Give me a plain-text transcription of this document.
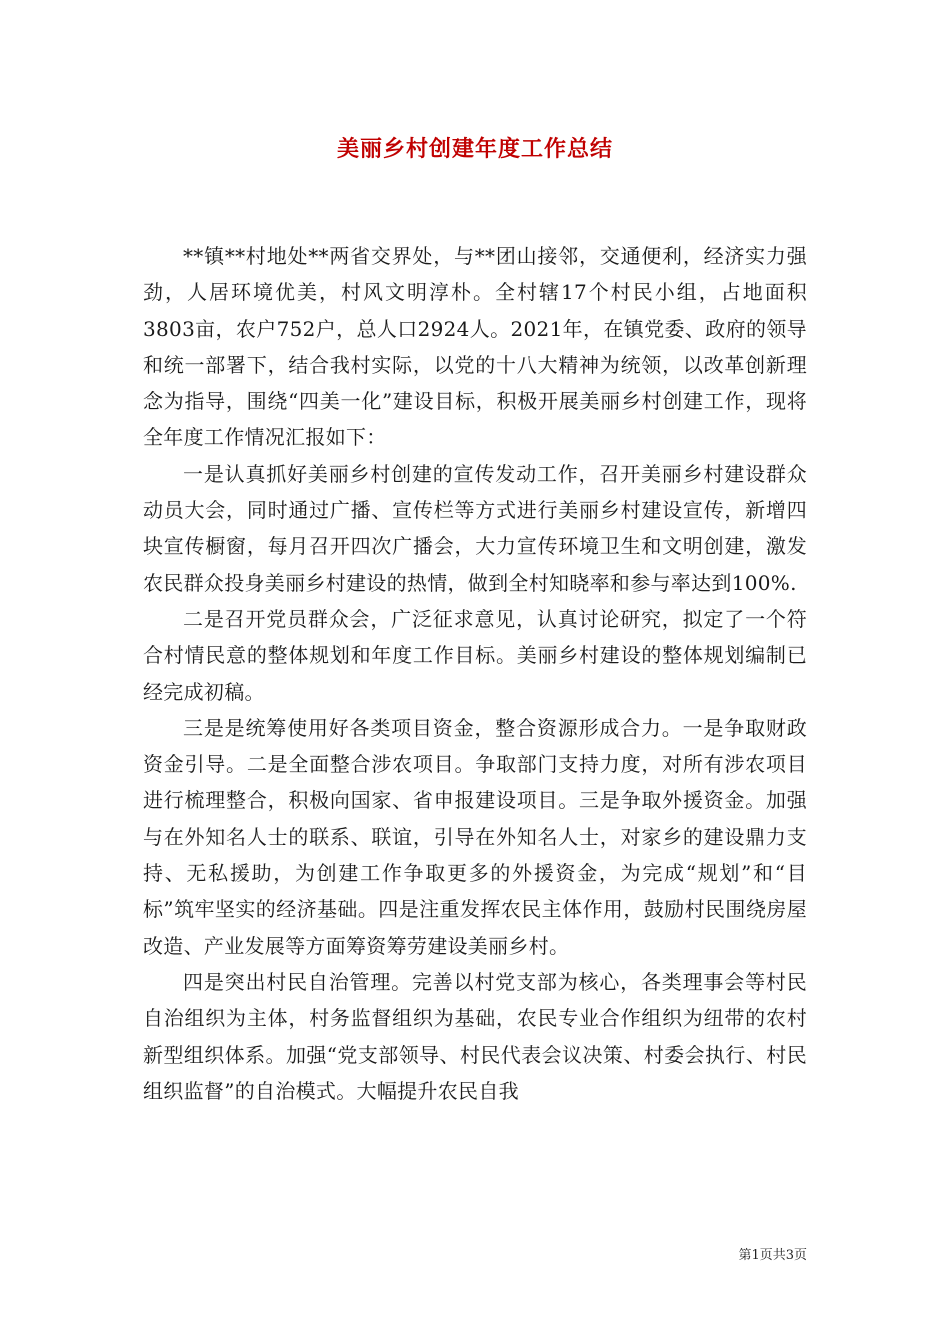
美丽乡村创建年度工作总结

**镇**村地处**两省交界处，与**团山接邻，交通便利，经济实力强劲，人居环境优美，村风文明淳朴。全村辖17个村民小组，占地面积3803亩，农户752户，总人口2924人。2021年，在镇党委、政府的领导和统一部署下，结合我村实际，以党的十八大精神为统领，以改革创新理念为指导，围绕“四美一化”建设目标，积极开展美丽乡村创建工作，现将全年度工作情况汇报如下：

一是认真抓好美丽乡村创建的宣传发动工作，召开美丽乡村建设群众动员大会，同时通过广播、宣传栏等方式进行美丽乡村建设宣传，新增四块宣传橱窗，每月召开四次广播会，大力宣传环境卫生和文明创建，激发农民群众投身美丽乡村建设的热情，做到全村知晓率和参与率达到100%.

二是召开党员群众会，广泛征求意见，认真讨论研究，拟定了一个符合村情民意的整体规划和年度工作目标。美丽乡村建设的整体规划编制已经完成初稿。

三是是统筹使用好各类项目资金，整合资源形成合力。一是争取财政资金引导。二是全面整合涉农项目。争取部门支持力度，对所有涉农项目进行梳理整合，积极向国家、省申报建设项目。三是争取外援资金。加强与在外知名人士的联系、联谊，引导在外知名人士，对家乡的建设鼎力支持、无私援助，为创建工作争取更多的外援资金，为完成“规划”和“目标”筑牢坚实的经济基础。四是注重发挥农民主体作用，鼓励村民围绕房屋改造、产业发展等方面筹资筹劳建设美丽乡村。

四是突出村民自治管理。完善以村党支部为核心，各类理事会等村民自治组织为主体，村务监督组织为基础，农民专业合作组织为纽带的农村新型组织体系。加强“党支部领导、村民代表会议决策、村委会执行、村民组织监督”的自治模式。大幅提升农民自我

第1页共3页
